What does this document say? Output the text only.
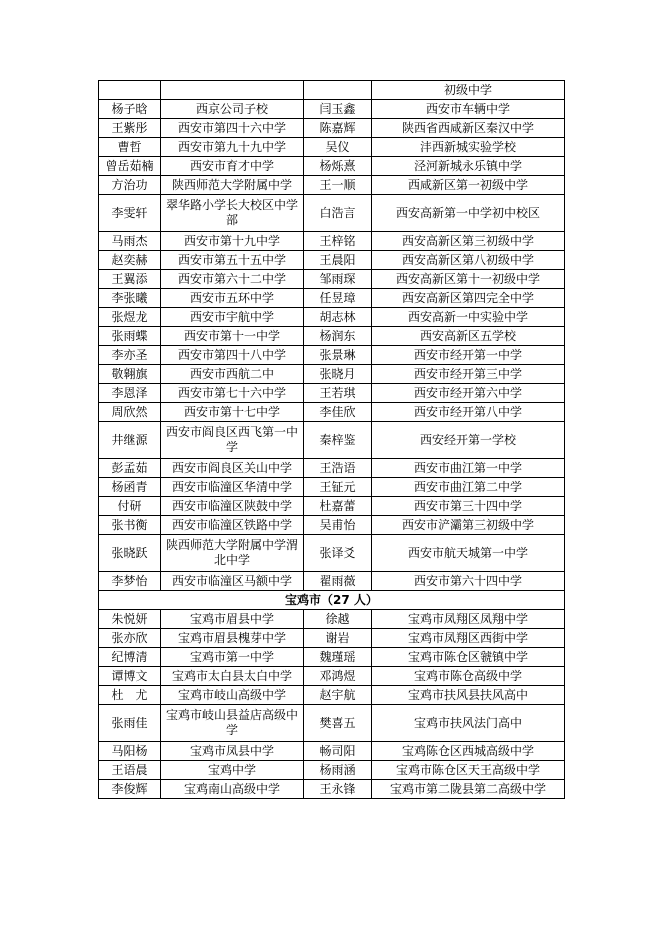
			初级中学
杨子晗	西京公司子校	闫玉鑫	西安市车辆中学
王紫彤	西安市第四十六中学	陈嘉辉	陕西省西咸新区秦汉中学
曹哲	西安市第九十九中学	吴仪	沣西新城实验学校
曾岳茹楠	西安市育才中学	杨烁熹	泾河新城永乐镇中学
方治功	陕西师范大学附属中学	王一顺	西咸新区第一初级中学
李雯轩	翠华路小学长大校区中学部	白浩言	西安高新第一中学初中校区
马雨杰	西安市第十九中学	王梓铭	西安高新区第三初级中学
赵奕赫	西安市第五十五中学	王晨阳	西安高新区第八初级中学
王翼添	西安市第六十二中学	邹雨琛	西安高新区第十一初级中学
李张曦	西安市五环中学	任昱璋	西安高新区第四完全中学
张煜龙	西安市宇航中学	胡志林	西安高新一中实验中学
张雨蝶	西安市第十一中学	杨润东	西安高新区五学校
李亦圣	西安市第四十八中学	张景琳	西安市经开第一中学
敬翱旗	西安市西航二中	张晓月	西安市经开第三中学
李恩泽	西安市第七十六中学	王若琪	西安市经开第六中学
周欣然	西安市第十七中学	李佳欣	西安市经开第八中学
井继源	西安市阎良区西飞第一中学	秦梓鉴	西安经开第一学校
彭孟茹	西安市阎良区关山中学	王浩语	西安市曲江第一中学
杨函青	西安市临潼区华清中学	王钲元	西安市曲江第二中学
付研	西安市临潼区陕鼓中学	杜嘉蕾	西安市第三十四中学
张书衡	西安市临潼区铁路中学	吴甫怡	西安市浐灞第三初级中学
张晓跃	陕西师范大学附属中学渭北中学	张译爻	西安市航天城第一中学
李梦怡	西安市临潼区马额中学	翟雨薇	西安市第六十四中学
宝鸡市（27 人）			
朱悦妍	宝鸡市眉县中学	徐越	宝鸡市凤翔区凤翔中学
张亦欣	宝鸡市眉县槐芽中学	谢岩	宝鸡市凤翔区西街中学
纪博清	宝鸡市第一中学	魏瑾瑶	宝鸡市陈仓区虢镇中学
谭博文	宝鸡市太白县太白中学	邓鸿煜	宝鸡市陈仓高级中学
杜　尤	宝鸡市岐山高级中学	赵宇航	宝鸡市扶风县扶风高中
张雨佳	宝鸡市岐山县益店高级中学	樊喜五	宝鸡市扶风法门高中
马阳杨	宝鸡市凤县中学	畅司阳	宝鸡陈仓区西城高级中学
王语晨	宝鸡中学	杨雨涵	宝鸡市陈仓区天王高级中学
李俊辉	宝鸡南山高级中学	王永锋	宝鸡市第二陇县第二高级中学
